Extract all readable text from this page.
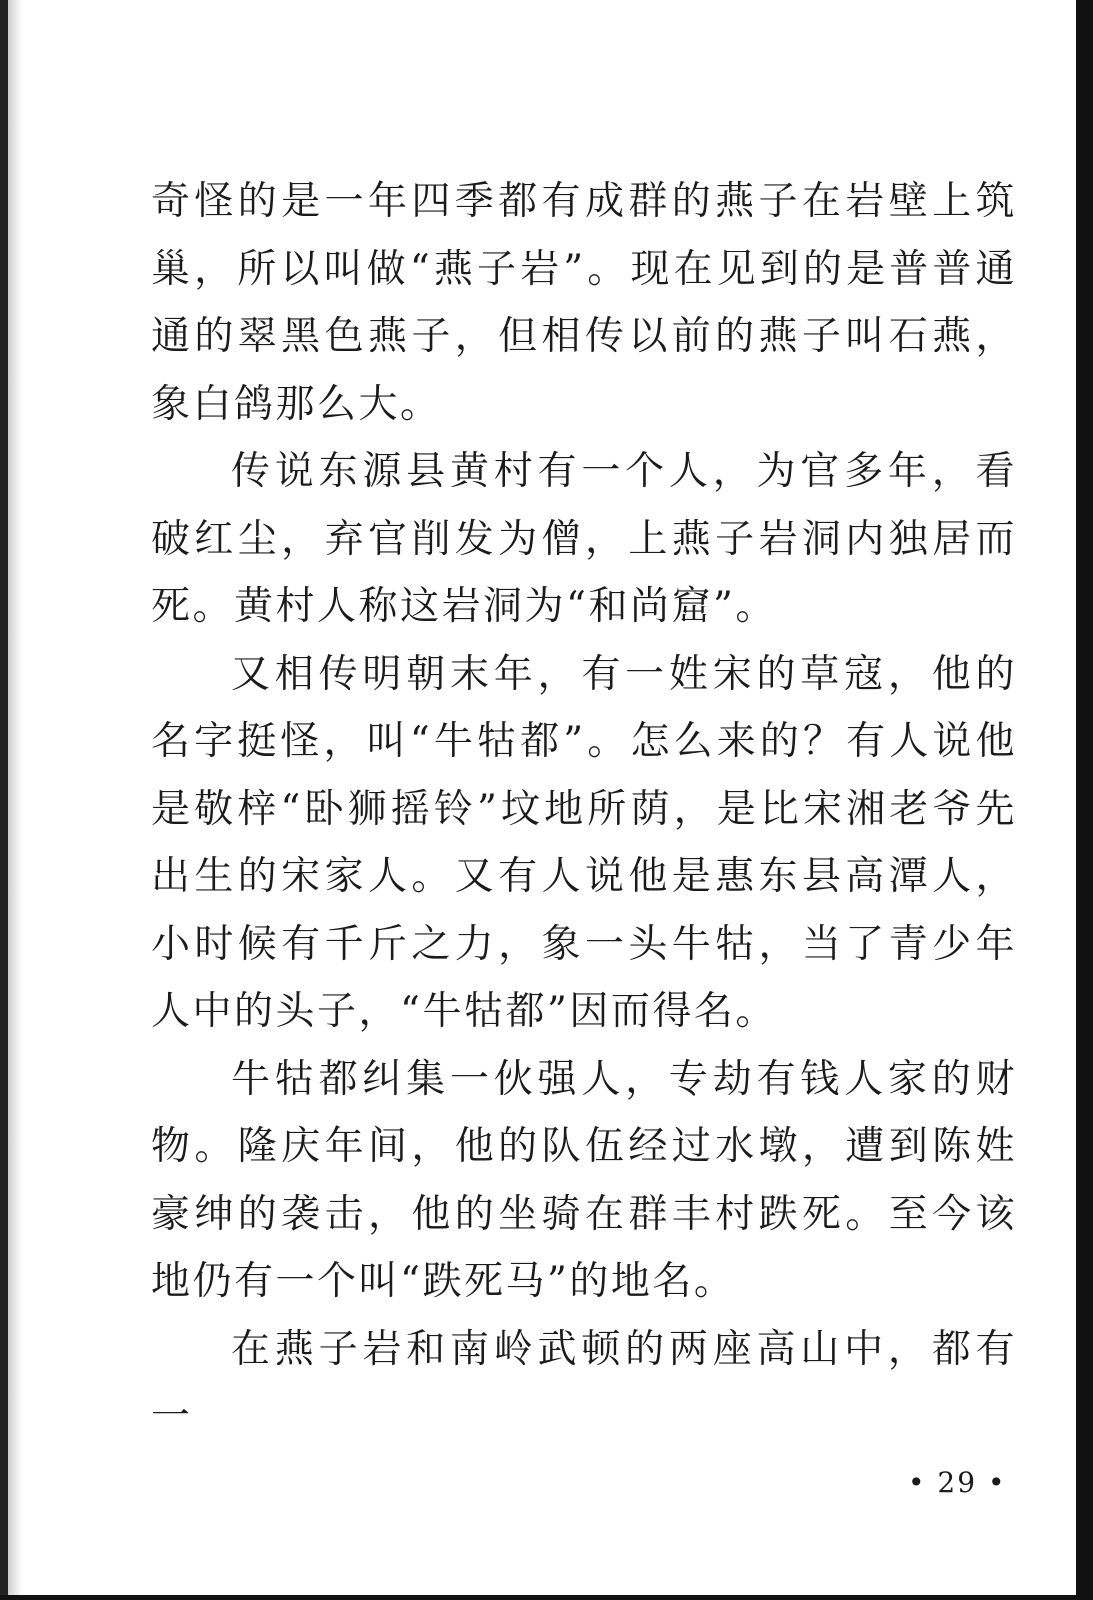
奇怪的是一年四季都有成群的燕子在岩壁上筑巢，所以叫做“燕子岩”。现在见到的是普普通通的翠黑色燕子，但相传以前的燕子叫石燕，象白鸽那么大。

传说东源县黄村有一个人，为官多年，看破红尘，弃官削发为僧，上燕子岩洞内独居而死。黄村人称这岩洞为“和尚窟”。

又相传明朝末年，有一姓宋的草寇，他的名字挺怪，叫“牛牯都”。怎么来的？有人说他是敬梓“卧狮摇铃”坟地所荫，是比宋湘老爷先出生的宋家人。又有人说他是惠东县高潭人，小时候有千斤之力，象一头牛牯，当了青少年人中的头子，“牛牯都”因而得名。

牛牯都纠集一伙强人，专劫有钱人家的财物。隆庆年间，他的队伍经过水墩，遭到陈姓豪绅的袭击，他的坐骑在群丰村跌死。至今该地仍有一个叫“跌死马”的地名。

在燕子岩和南岭武顿的两座高山中，都有一

• 29 •
